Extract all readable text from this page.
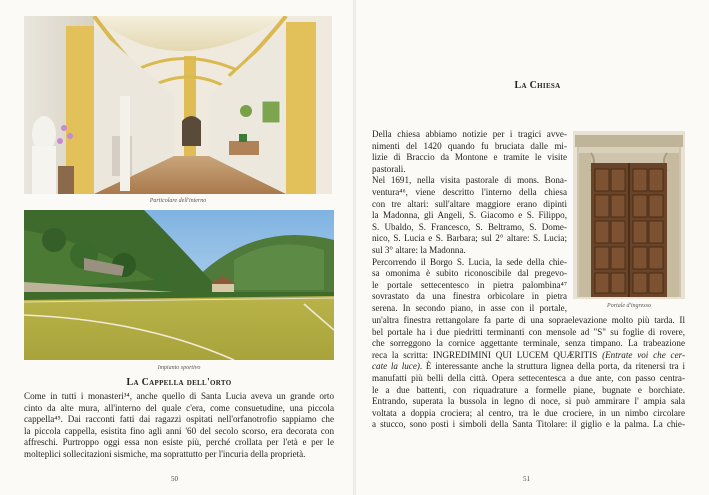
Particolare dell'interno
Impianto sportivo
La Cappella dell'orto
Come in tutti i monasteri³⁴, anche quello di Santa Lucia aveva un grande orto
cinto da alte mura, all'interno del quale c'era, come consuetudine, una piccola
cappella⁴⁵. Dai racconti fatti dai ragazzi ospitati nell'orfanotrofio sappiamo che
la piccola cappella, esistita fino agli anni '60 del secolo scorso, era decorata con
affreschi. Purtroppo oggi essa non esiste più, perché crollata per l'età e per le
molteplici sollecitazioni sismiche, ma soprattutto per l'incuria della proprietà.
50
La Chiesa
Della chiesa abbiamo notizie per i tragici avve-
nimenti del 1420 quando fu bruciata dalle mi-
lizie di Braccio da Montone e tramite le visite
pastorali.
Nel 1691, nella visita pastorale di mons. Bona-
ventura⁴⁶, viene descritto l'interno della chiesa
con tre altari: sull'altare maggiore erano dipinti
la Madonna, gli Angeli, S. Giacomo e S. Filippo,
S. Ubaldo, S. Francesco, S. Beltramo, S. Dome-
nico, S. Lucia e S. Barbara; sul 2° altare: S. Lucia;
sul 3° altare: la Madonna.
Percorrendo il Borgo S. Lucia, la sede della chie-
sa omonima è subito riconoscibile dal pregevo-
le portale settecentesco in pietra palombina⁴⁷
sovrastato da una finestra orbicolare in pietra
serena. In secondo piano, in asse con il portale,	Portale d'ingresso
un'altra finestra rettangolare fa parte di una sopraelevazione molto più tarda. Il
bel portale ha i due piedritti terminanti con mensole ad "S" su foglie di rovere,
che sorreggono la cornice aggettante terminale, senza timpano. La trabeazione
reca la scritta: INGREDIMINI QUI LUCEM QUÆRITIS (Entrate voi che cer-
cate la luce). È interessante anche la struttura lignea della porta, da ritenersi tra i
manufatti più belli della città. Opera settecentesca a due ante, con passo centra-
le a due battenti, con riquadrature a formelle piane, bugnate e borchiate.
Entrando, superata la bussola in legno di noce, si può ammirare l' ampia sala
voltata a doppia crociera; al centro, tra le due crociere, in un nimbo circolare
a stucco, sono posti i simboli della Santa Titolare: il giglio e la palma. La chie-
51
